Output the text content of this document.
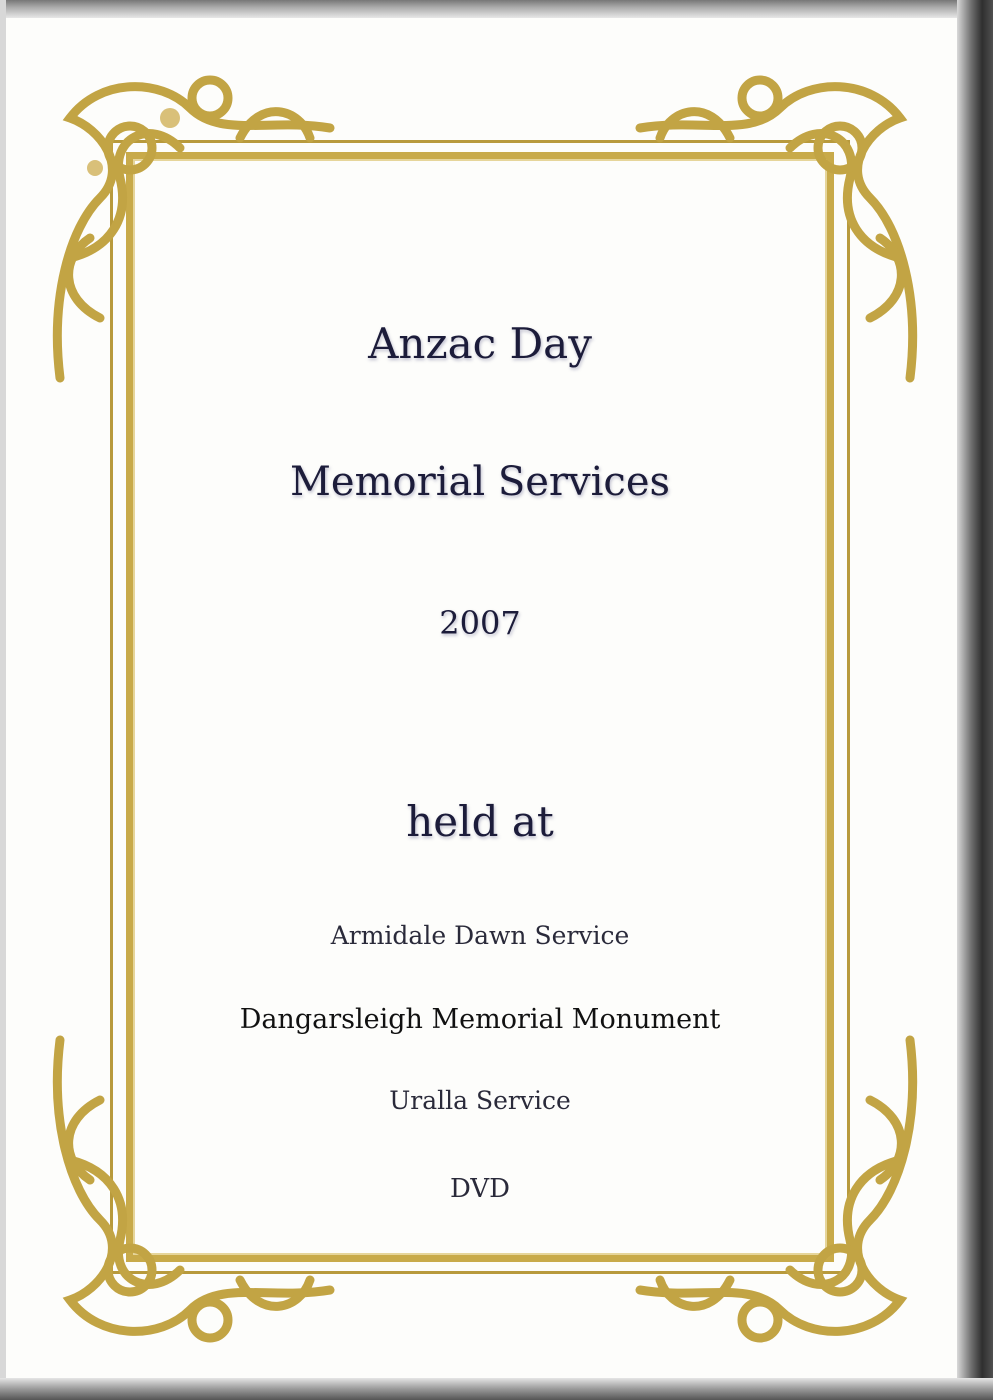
Anzac Day
Memorial Services
2007
held at
Armidale Dawn Service
Dangarsleigh Memorial Monument
Uralla Service
DVD
